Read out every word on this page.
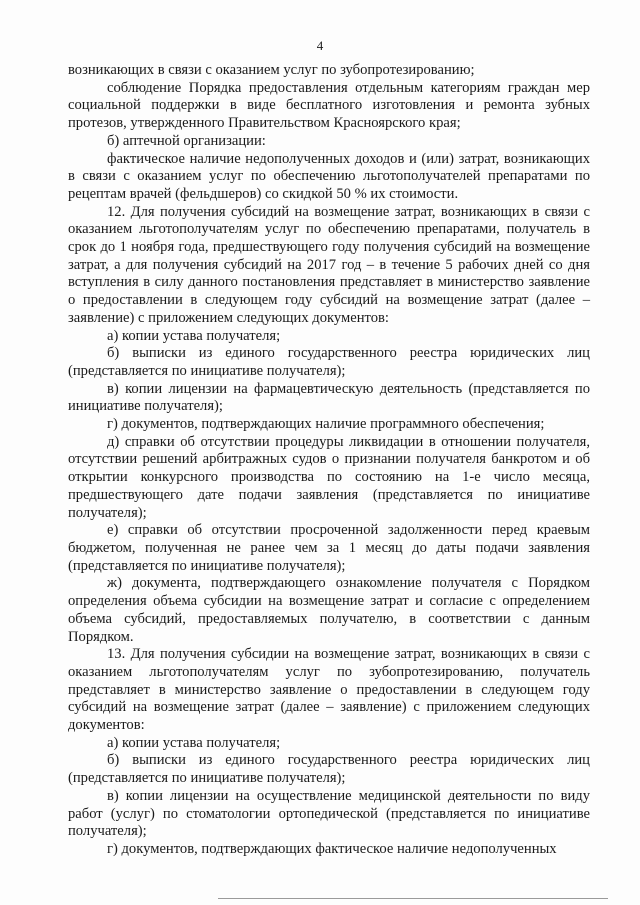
4

возникающих в связи с оказанием услуг по зубопротезированию;

соблюдение Порядка предоставления отдельным категориям граждан мер социальной поддержки в виде бесплатного изготовления и ремонта зубных протезов, утвержденного Правительством Красноярского края;

б) аптечной организации:

фактическое наличие недополученных доходов и (или) затрат, возникающих в связи с оказанием услуг по обеспечению льготополучателей препаратами по рецептам врачей (фельдшеров) со скидкой 50 % их стоимости.

12. Для получения субсидий на возмещение затрат, возникающих в связи с оказанием льготополучателям услуг по обеспечению препаратами, получатель в срок до 1 ноября года, предшествующего году получения субсидий на возмещение затрат, а для получения субсидий на 2017 год – в течение 5 рабочих дней со дня вступления в силу данного постановления представляет в министерство заявление о предоставлении в следующем году субсидий на возмещение затрат (далее – заявление) с приложением следующих документов:

а) копии устава получателя;

б) выписки из единого государственного реестра юридических лиц (представляется по инициативе получателя);

в) копии лицензии на фармацевтическую деятельность (представляется по инициативе получателя);

г) документов, подтверждающих наличие программного обеспечения;

д) справки об отсутствии процедуры ликвидации в отношении получателя, отсутствии решений арбитражных судов о признании получателя банкротом и об открытии конкурсного производства по состоянию на 1-е число месяца, предшествующего дате подачи заявления (представляется по инициативе получателя);

е) справки об отсутствии просроченной задолженности перед краевым бюджетом, полученная не ранее чем за 1 месяц до даты подачи заявления (представляется по инициативе получателя);

ж) документа, подтверждающего ознакомление получателя с Порядком определения объема субсидии на возмещение затрат и согласие с определением объема субсидий, предоставляемых получателю, в соответствии с данным Порядком.

13. Для получения субсидии на возмещение затрат, возникающих в связи с оказанием льготополучателям услуг по зубопротезированию, получатель представляет в министерство заявление о предоставлении в следующем году субсидий на возмещение затрат (далее – заявление) с приложением следующих документов:

а) копии устава получателя;

б) выписки из единого государственного реестра юридических лиц (представляется по инициативе получателя);

в) копии лицензии на осуществление медицинской деятельности по виду работ (услуг) по стоматологии ортопедической (представляется по инициативе получателя);

г) документов, подтверждающих фактическое наличие недополученных
